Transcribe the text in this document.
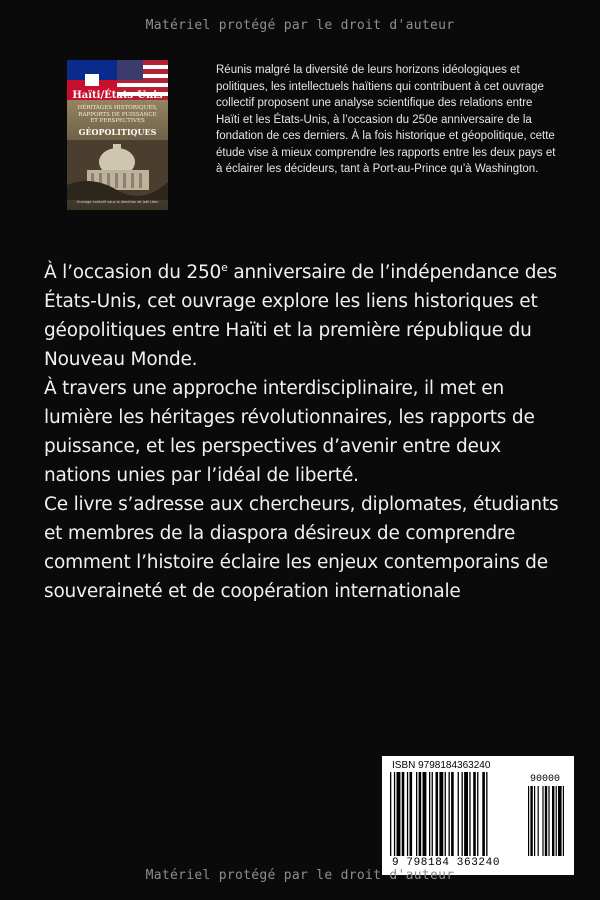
Matériel protégé par le droit d'auteur
Haïti/États-Unis
HÉRITAGES HISTORIQUES,
RAPPORTS DE PUISSANCE
ET PERSPECTIVES
GÉOPOLITIQUES
Ouvrage collectif sous la direction de Joël Léon

Réunis malgré la diversité de leurs horizons idéologiques et politiques, les intellectuels haïtiens qui contribuent à cet ouvrage collectif proposent une analyse scientifique des relations entre Haïti et les États-Unis, à l’occasion du 250e anniversaire de la fondation de ces derniers. À la fois historique et géopolitique, cette étude vise à mieux comprendre les rapports entre les deux pays et à éclairer les décideurs, tant à Port-au-Prince qu’à Washington.

À l’occasion du 250e anniversaire de l’indépendance des États-Unis, cet ouvrage explore les liens historiques et géopolitiques entre Haïti et la première république du Nouveau Monde.

À travers une approche interdisciplinaire, il met en lumière les héritages révolutionnaires, les rapports de puissance, et les perspectives d’avenir entre deux nations unies par l’idéal de liberté.

Ce livre s’adresse aux chercheurs, diplomates, étudiants et membres de la diaspora désireux de comprendre comment l’histoire éclaire les enjeux contemporains de souveraineté et de coopération internationale

ISBN 9798184363240
90000
9 798184 363240
Matériel protégé par le droit d'auteur
